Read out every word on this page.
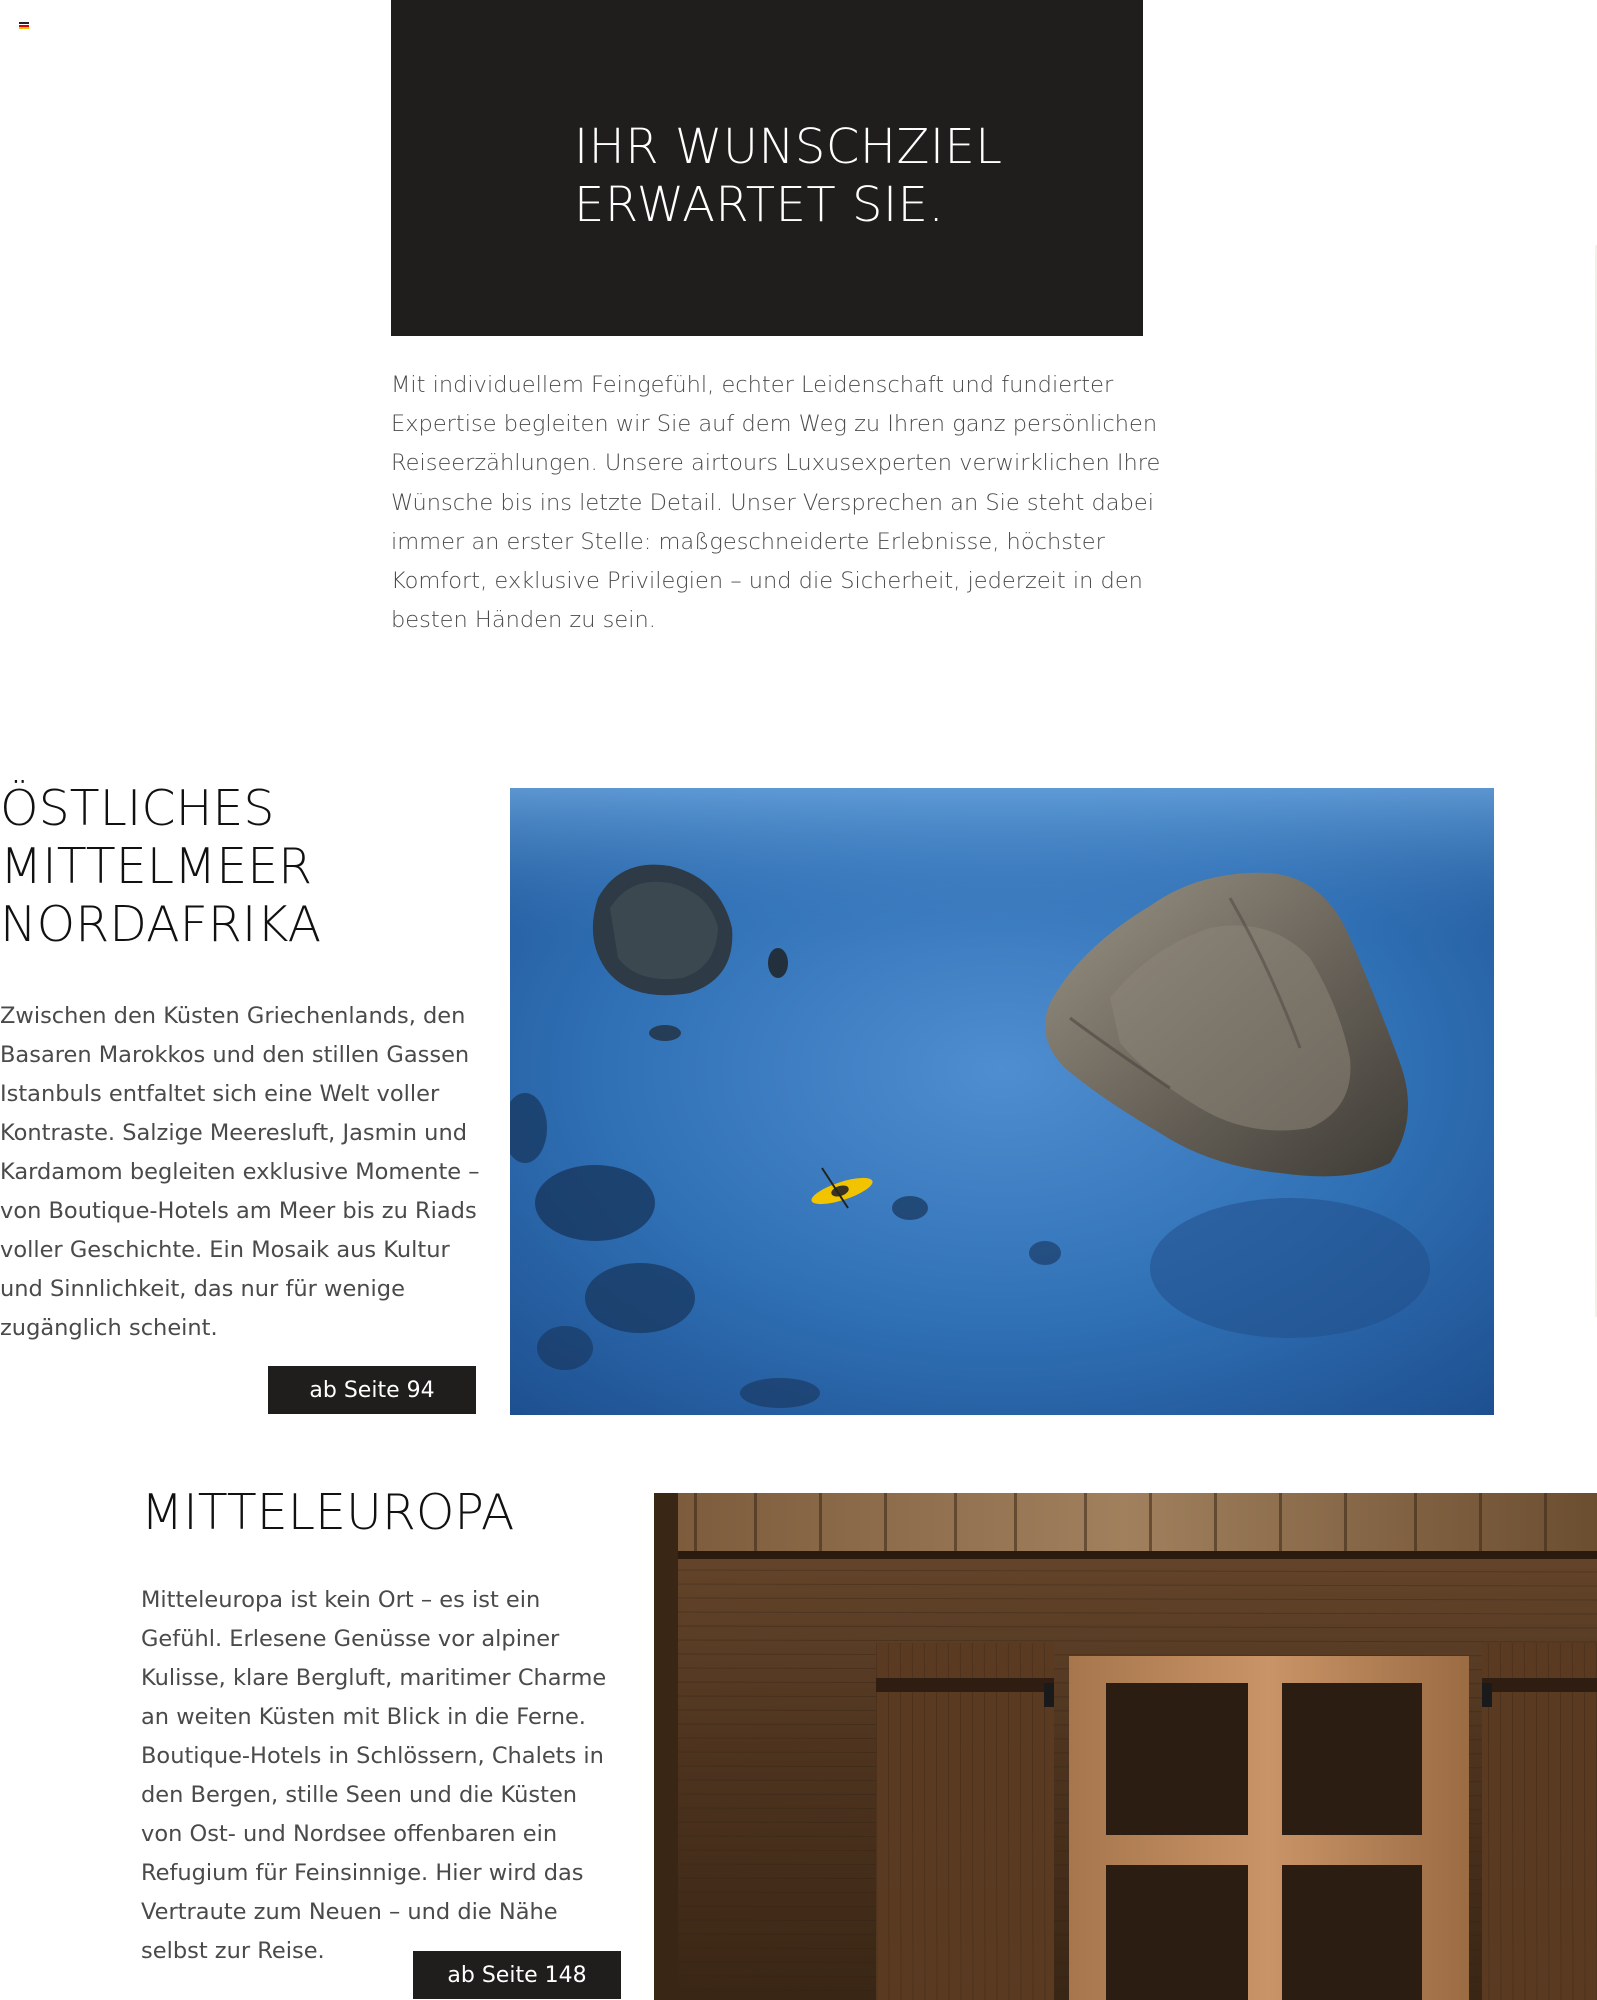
IHR WUNSCHZIEL
ERWARTET SIE.

Mit individuellem Feingefühl, echter Leidenschaft und fundierter Expertise begleiten wir Sie auf dem Weg zu Ihren ganz persönlichen Reiseerzählungen. Unsere airtours Luxusexperten verwirklichen Ihre Wünsche bis ins letzte Detail. Unser Versprechen an Sie steht dabei immer an erster Stelle: maßgeschneiderte Erlebnisse, höchster Komfort, exklusive Privilegien – und die Sicherheit, jederzeit in den besten Händen zu sein.

ÖSTLICHES
MITTELMEER
NORDAFRIKA

Zwischen den Küsten Griechenlands, den Basaren Marokkos und den stillen Gassen Istanbuls entfaltet sich eine Welt voller Kontraste. Salzige Meeresluft, Jasmin und Kardamom begleiten exklusive Momente – von Boutique-Hotels am Meer bis zu Riads voller Geschichte. Ein Mosaik aus Kultur und Sinnlichkeit, das nur für wenige zugänglich scheint.

ab Seite 94
MITTELEUROPA

Mitteleuropa ist kein Ort – es ist ein Gefühl. Erlesene Genüsse vor alpiner Kulisse, klare Bergluft, maritimer Charme an weiten Küsten mit Blick in die Ferne. Boutique-Hotels in Schlössern, Chalets in den Bergen, stille Seen und die Küsten von Ost- und Nordsee offenbaren ein Refugium für Feinsinnige. Hier wird das Vertraute zum Neuen – und die Nähe selbst zur Reise.

ab Seite 148
